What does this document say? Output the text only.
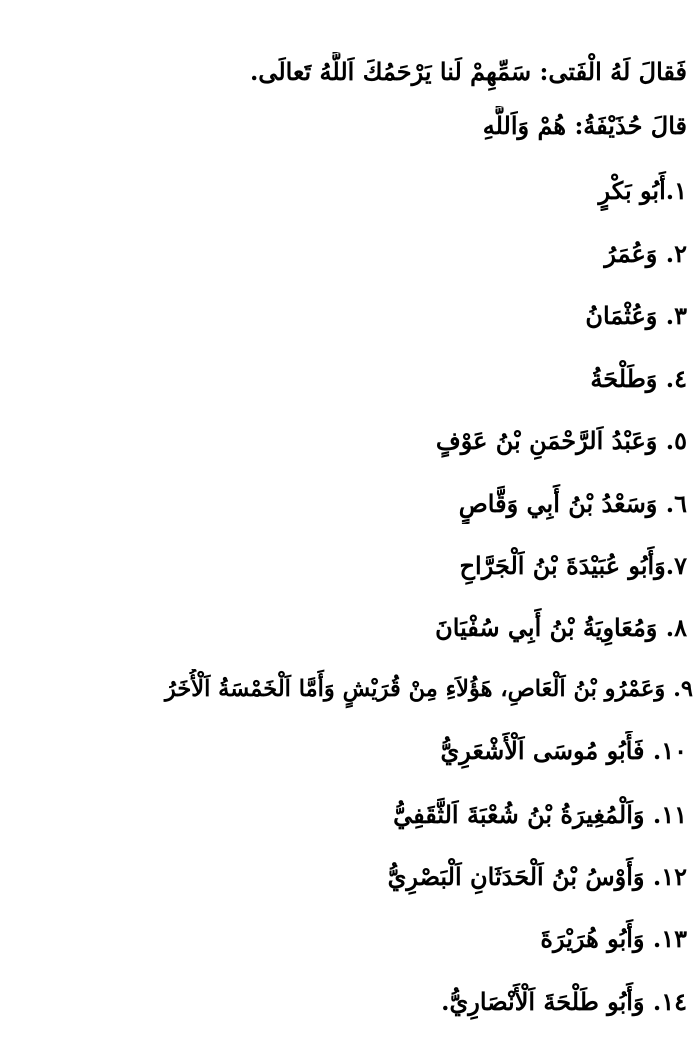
فَقالَ لَهُ الْفَتى: سَمِّهِمْ لَنا يَرْحَمُكَ اَللَّهُ تَعالَى.
قالَ حُذَيْفَةُ: هُمْ وَاَللَّهِ
١.أَبُو بَكْرٍ
٢. وَعُمَرُ
٣. وَعُثْمَانُ
٤. وَطَلْحَةُ
٥. وَعَبْدُ اَلرَّحْمَنِ بْنُ عَوْفٍ
٦. وَسَعْدُ بْنُ أَبِي وَقَّاصٍ
٧.وَأَبُو عُبَيْدَةَ بْنُ اَلْجَرَّاحِ
٨. وَمُعَاوِيَةُ بْنُ أَبِي سُفْيَانَ
٩. وَعَمْرُو بْنُ اَلْعَاصِ، هَؤُلاَءِ مِنْ قُرَيْشٍ وَأَمَّا اَلْخَمْسَةُ اَلْأُخَرُ
١٠. فَأَبُو مُوسَى اَلْأَشْعَرِيُّ
١١. وَاَلْمُغِيرَةُ بْنُ شُعْبَةَ اَلثَّقَفِيُّ
١٢. وَأَوْسُ بْنُ اَلْحَدَثَانِ اَلْبَصْرِيُّ
١٣. وَأَبُو هُرَيْرَةَ
١٤. وَأَبُو طَلْحَةَ اَلْأَنْصَارِيُّ.
